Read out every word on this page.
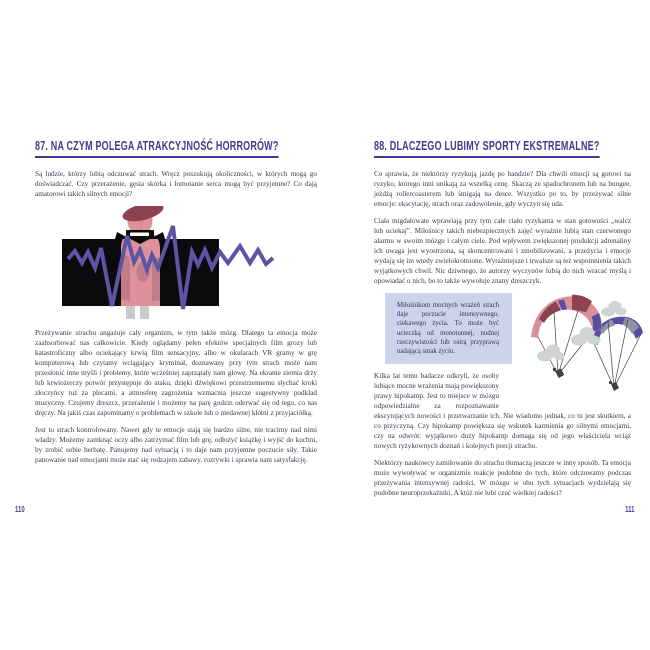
87. NA CZYM POLEGA ATRAKCYJNOŚĆ HORRORÓW?

Są ludzie, którzy lubią odczuwać strach. Wręcz poszukują okoliczności, w których mogą go doświadczać. Czy przerażenie, gęsia skórka i łomotanie serca mogą być przyjemne? Co dają amatorowi takich silnych emocji?

Przeżywanie strachu angażuje cały organizm, w tym także mózg. Dlatego ta emocja może zaabsorbować nas całkowicie. Kiedy oglądamy pełen efektów specjalnych film grozy lub katastroficzny albo ociekający krwią film sensacyjny, albo w okularach VR gramy w grę komputerową lub czytamy wciągający kryminał, doznawany przy tym strach może nam przesłonić inne myśli i problemy, które wcześniej zaprzątały nam głowę. Na ekranie ziemia drży lub krwiożerczy potwór przystępuje do ataku, dzięki dźwiękowi przestrzennemu słychać kroki złoczyńcy tuż za plecami, a atmosferę zagrożenia wzmacnia jeszcze sugestywny podkład muzyczny. Czujemy dreszcz, przerażenie i możemy na parę godzin oderwać się od tego, co nas dręczy. Na jakiś czas zapominamy o problemach w szkole lub o niedawnej kłótni z przyjaciółką.

Jest to strach kontrolowany. Nawet gdy te emocje stają się bardzo silne, nie tracimy nad nimi władzy. Możemy zamknąć oczy albo zatrzymać film lub grę, odłożyć książkę i wyjść do kuchni, by zrobić sobie herbatę. Panujemy nad sytuacją i to daje nam przyjemne poczucie siły. Takie panowanie nad emocjami może stać się rodzajem zabawy, rozrywki i sprawia nam satysfakcję.

88. DLACZEGO LUBIMY SPORTY EKSTREMALNE?

Co sprawia, że niektórzy ryzykują jazdę po bandzie? Dla chwili emocji są gotowi na ryzyko, którego inni unikają za wszelką cenę. Skaczą ze spadochronem lub na bungee, jeżdżą rollercoasterem lub śmigają na desce. Wszystko po to, by przeżywać silne emocje: ekscytację, strach oraz zadowolenie, gdy wyczyn się uda.

Ciała migdałowate wprawiają przy tym całe ciało ryzykanta w stan gotowości „walcz lub uciekaj”. Miłośnicy takich niebezpiecznych zajęć wyraźnie lubią stan czerwonego alarmu w swoim mózgu i całym ciele. Pod wpływem zwiększonej produkcji adrenaliny ich uwaga jest wyostrzona, są skoncentrowani i zmobilizowani, a przeżycia i emocje wydają się im wtedy zwielokrotnione. Wyraźniejsze i trwalsze są też wspomnienia takich wyjątkowych chwil. Nic dziwnego, że autorzy wyczynów lubią do nich wracać myślą i opowiadać o nich, bo to także wywołuje znany dreszczyk.

Miłośnikom mocnych wrażeń strach daje poczucie intensywnego, ciekawego życia. To może być ucieczką od monotonnej, nudnej rzeczywistości lub ostrą przyprawą nadającą smak życiu.

Kilka lat temu badacze odkryli, że osoby lubiące mocne wrażenia mają powiększony prawy hipokamp. Jest to miejsce w mózgu odpowiedzialne za rozpoznawanie ekscytujących nowości i przetwarzanie ich. Nie wiadomo jednak, co tu jest skutkiem, a co przyczyną. Czy hipokamp powiększa się wskutek karmienia go silnymi emocjami, czy na odwrót: wyjątkowo duży hipokamp domaga się od jego właściciela wciąż nowych ryzykownych doznań i kolejnych porcji strachu.

Niektórzy naukowcy zamiłowanie do strachu tłumaczą jeszcze w inny sposób. Ta emocja może wywoływać w organizmie reakcje podobne do tych, które odczuwamy podczas przeżywania intensywnej radości. W mózgu w obu tych sytuacjach wydzielają się podobne neuroprzekaźniki. A któż nie lubi czuć wielkiej radości?

110	111
